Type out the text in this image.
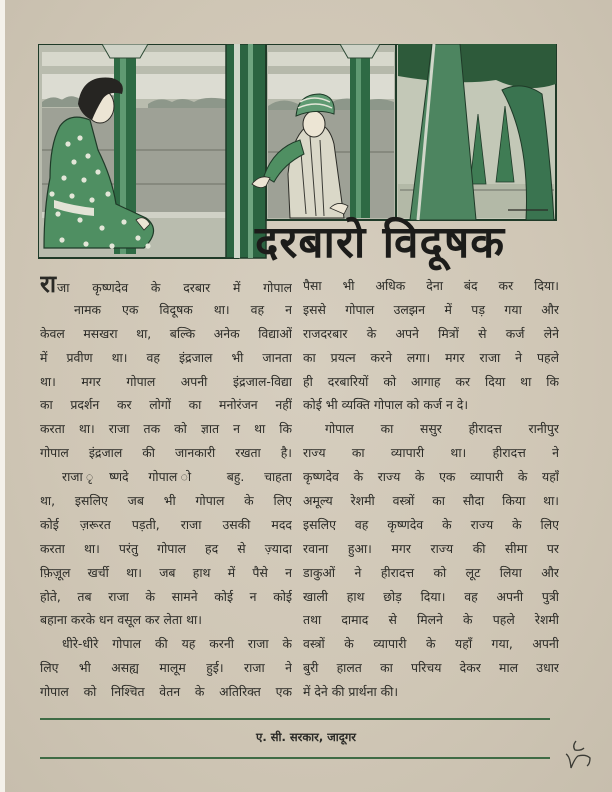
दरबारो विदूषक
राजा कृष्णदेव के दरबार में गोपाल
नामक एक विदूषक था। वह न
केवल मसखरा था, बल्कि अनेक विद्याओं
में प्रवीण था। वह इंद्रजाल भी जानता
था। मगर गोपाल अपनी इंद्रजाल-विद्या
का प्रदर्शन कर लोगों का मनोरंजन नहीं
करता था। राजा तक को ज्ञात न था कि
गोपाल इंद्रजाल की जानकारी रखता है।
राजा ृष्णदे गोपाल ो बहु. चाहता
था, इसलिए जब भी गोपाल के लिए
कोई ज़रूरत पड़ती, राजा उसकी मदद
करता था। परंतु गोपाल हद से ज़्यादा
फ़िज़ूल खर्ची था। जब हाथ में पैसे न
होते, तब राजा के सामने कोई न कोई
बहाना करके धन वसूल कर लेता था।
धीरे-धीरे गोपाल की यह करनी राजा के
लिए भी असह्य मालूम हुई। राजा ने
गोपाल को निश्चित वेतन के अतिरिक्त एक
पैसा भी अधिक देना बंद कर दिया।
इससे गोपाल उलझन में पड़ गया और
राजदरबार के अपने मित्रों से कर्ज लेने
का प्रयत्न करने लगा। मगर राजा ने पहले
ही दरबारियों को आगाह कर दिया था कि
कोई भी व्यक्ति गोपाल को कर्ज न दे।
गोपाल का ससुर हीरादत्त रानीपुर
राज्य का व्यापारी था। हीरादत्त ने
कृष्णदेव के राज्य के एक व्यापारी के यहाँ
अमूल्य रेशमी वस्त्रों का सौदा किया था।
इसलिए वह कृष्णदेव के राज्य के लिए
रवाना हुआ। मगर राज्य की सीमा पर
डाकुओं ने हीरादत्त को लूट लिया और
खाली हाथ छोड़ दिया। वह अपनी पुत्री
तथा दामाद से मिलने के पहले रेशमी
वस्त्रों के व्यापारी के यहाँ गया, अपनी
बुरी हालत का परिचय देकर माल उधार
में देने की प्रार्थना की।
ए. सी. सरकार, जादूगर
